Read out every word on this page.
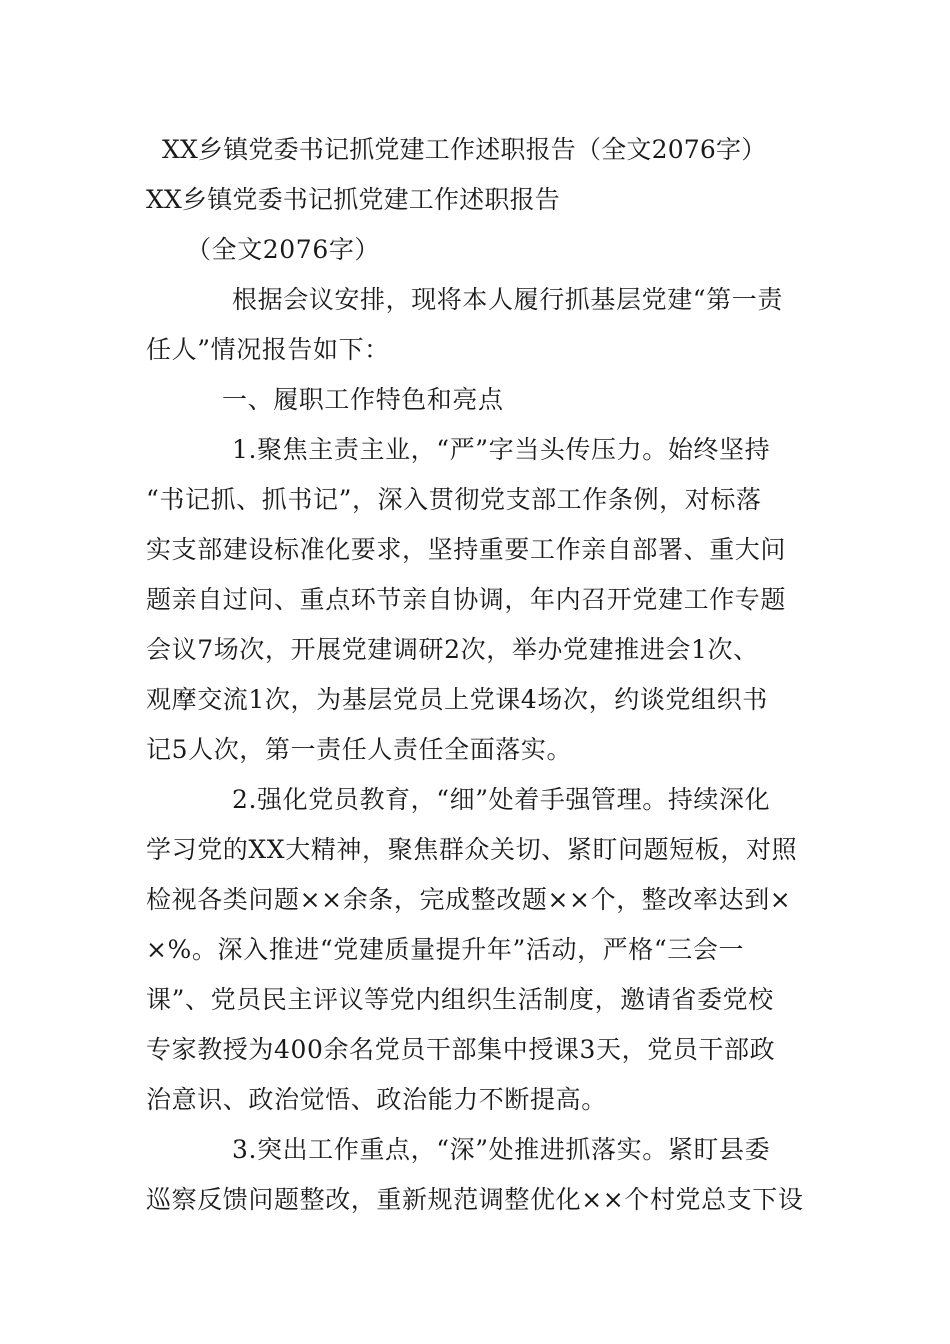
XX乡镇党委书记抓党建工作述职报告（全文2076字）
XX乡镇党委书记抓党建工作述职报告
（全文2076字）
根据会议安排，现将本人履行抓基层党建“第一责
任人”情况报告如下：
一、履职工作特色和亮点
1.聚焦主责主业，“严”字当头传压力。始终坚持
“书记抓、抓书记”，深入贯彻党支部工作条例，对标落
实支部建设标准化要求，坚持重要工作亲自部署、重大问
题亲自过问、重点环节亲自协调，年内召开党建工作专题
会议7场次，开展党建调研2次，举办党建推进会1次、
观摩交流1次，为基层党员上党课4场次，约谈党组织书
记5人次，第一责任人责任全面落实。
2.强化党员教育，“细”处着手强管理。持续深化
学习党的XX大精神，聚焦群众关切、紧盯问题短板，对照
检视各类问题××余条，完成整改题××个，整改率达到×
×%。深入推进“党建质量提升年”活动，严格“三会一
课”、党员民主评议等党内组织生活制度，邀请省委党校
专家教授为400余名党员干部集中授课3天，党员干部政
治意识、政治觉悟、政治能力不断提高。
3.突出工作重点，“深”处推进抓落实。紧盯县委
巡察反馈问题整改，重新规范调整优化××个村党总支下设
